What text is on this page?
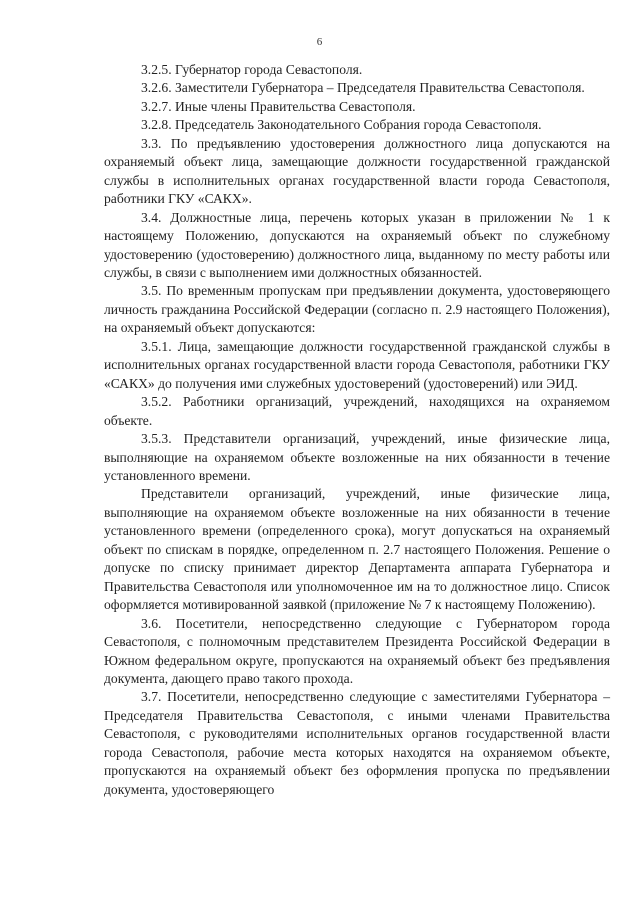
6

3.2.5. Губернатор города Севастополя.

3.2.6. Заместители Губернатора – Председателя Правительства Севастополя.

3.2.7. Иные члены Правительства Севастополя.

3.2.8. Председатель Законодательного Собрания города Севастополя.

3.3. По предъявлению удостоверения должностного лица допускаются на охраняемый объект лица, замещающие должности государственной гражданской службы в исполнительных органах государственной власти города Севастополя, работники ГКУ «САКХ».

3.4. Должностные лица, перечень которых указан в приложении № 1 к настоящему Положению, допускаются на охраняемый объект по служебному удостоверению (удостоверению) должностного лица, выданному по месту работы или службы, в связи с выполнением ими должностных обязанностей.

3.5. По временным пропускам при предъявлении документа, удостоверяющего личность гражданина Российской Федерации (согласно п. 2.9 настоящего Положения), на охраняемый объект допускаются:

3.5.1. Лица, замещающие должности государственной гражданской службы в исполнительных органах государственной власти города Севастополя, работники ГКУ «САКХ» до получения ими служебных удостоверений (удостоверений) или ЭИД.

3.5.2. Работники организаций, учреждений, находящихся на охраняемом объекте.

3.5.3. Представители организаций, учреждений, иные физические лица, выполняющие на охраняемом объекте возложенные на них обязанности в течение установленного времени.

Представители организаций, учреждений, иные физические лица, выполняющие на охраняемом объекте возложенные на них обязанности в течение установленного времени (определенного срока), могут допускаться на охраняемый объект по спискам в порядке, определенном п. 2.7 настоящего Положения. Решение о допуске по списку принимает директор Департамента аппарата Губернатора и Правительства Севастополя или уполномоченное им на то должностное лицо. Список оформляется мотивированной заявкой (приложение № 7 к настоящему Положению).

3.6. Посетители, непосредственно следующие с Губернатором города Севастополя, с полномочным представителем Президента Российской Федерации в Южном федеральном округе, пропускаются на охраняемый объект без предъявления документа, дающего право такого прохода.

3.7. Посетители, непосредственно следующие с заместителями Губернатора – Председателя Правительства Севастополя, с иными членами Правительства Севастополя, с руководителями исполнительных органов государственной власти города Севастополя, рабочие места которых находятся на охраняемом объекте, пропускаются на охраняемый объект без оформления пропуска по предъявлении документа, удостоверяющего
